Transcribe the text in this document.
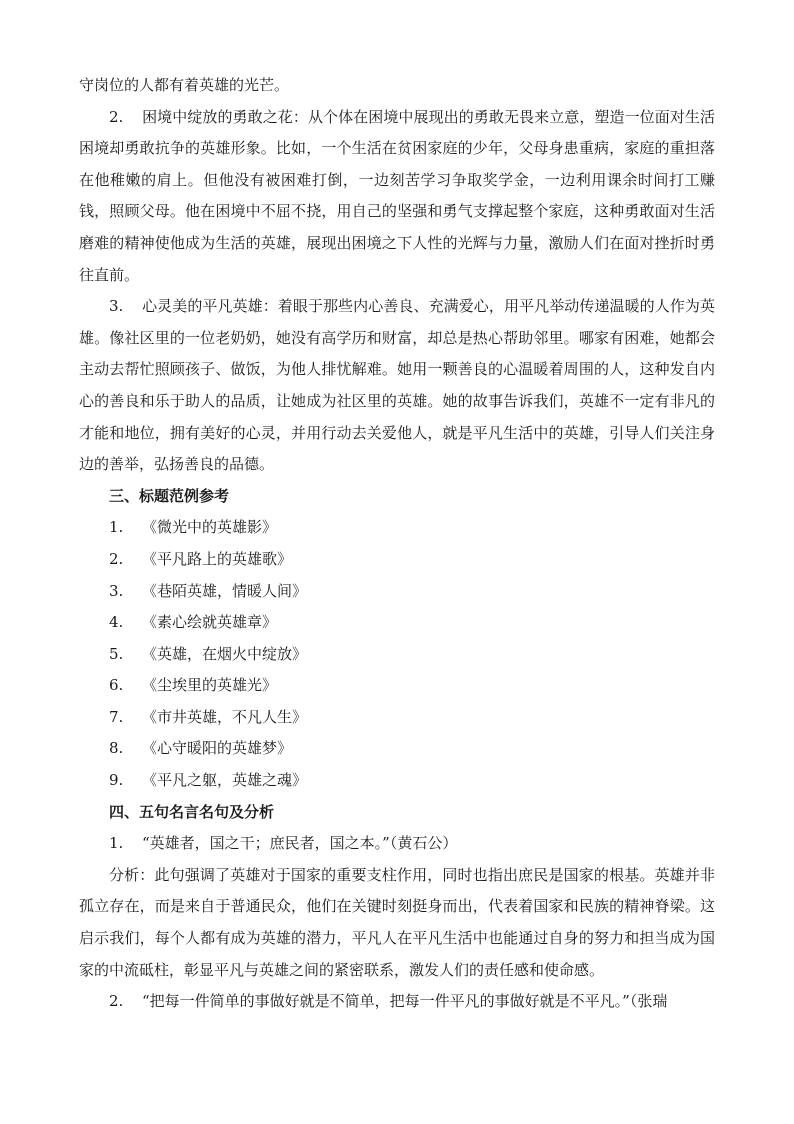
守岗位的人都有着英雄的光芒。

2. 困境中绽放的勇敢之花：从个体在困境中展现出的勇敢无畏来立意，塑造一位面对生活困境却勇敢抗争的英雄形象。比如，一个生活在贫困家庭的少年，父母身患重病，家庭的重担落在他稚嫩的肩上。但他没有被困难打倒，一边刻苦学习争取奖学金，一边利用课余时间打工赚钱，照顾父母。他在困境中不屈不挠，用自己的坚强和勇气支撑起整个家庭，这种勇敢面对生活磨难的精神使他成为生活的英雄，展现出困境之下人性的光辉与力量，激励人们在面对挫折时勇往直前。

3. 心灵美的平凡英雄：着眼于那些内心善良、充满爱心，用平凡举动传递温暖的人作为英雄。像社区里的一位老奶奶，她没有高学历和财富，却总是热心帮助邻里。哪家有困难，她都会主动去帮忙照顾孩子、做饭，为他人排忧解难。她用一颗善良的心温暖着周围的人，这种发自内心的善良和乐于助人的品质，让她成为社区里的英雄。她的故事告诉我们，英雄不一定有非凡的才能和地位，拥有美好的心灵，并用行动去关爱他人，就是平凡生活中的英雄，引导人们关注身边的善举，弘扬善良的品德。

三、标题范例参考
1.	《微光中的英雄影》
2.	《平凡路上的英雄歌》
3.	《巷陌英雄，情暖人间》
4.	《素心绘就英雄章》
5.	《英雄，在烟火中绽放》
6.	《尘埃里的英雄光》
7.	《市井英雄，不凡人生》
8.	《心守暖阳的英雄梦》
9.	《平凡之躯，英雄之魂》
四、五句名言名句及分析

1. “英雄者，国之干；庶民者，国之本。”（黄石公）

分析：此句强调了英雄对于国家的重要支柱作用，同时也指出庶民是国家的根基。英雄并非孤立存在，而是来自于普通民众，他们在关键时刻挺身而出，代表着国家和民族的精神脊梁。这启示我们，每个人都有成为英雄的潜力，平凡人在平凡生活中也能通过自身的努力和担当成为国家的中流砥柱，彰显平凡与英雄之间的紧密联系，激发人们的责任感和使命感。

2. “把每一件简单的事做好就是不简单，把每一件平凡的事做好就是不平凡。”（张瑞
